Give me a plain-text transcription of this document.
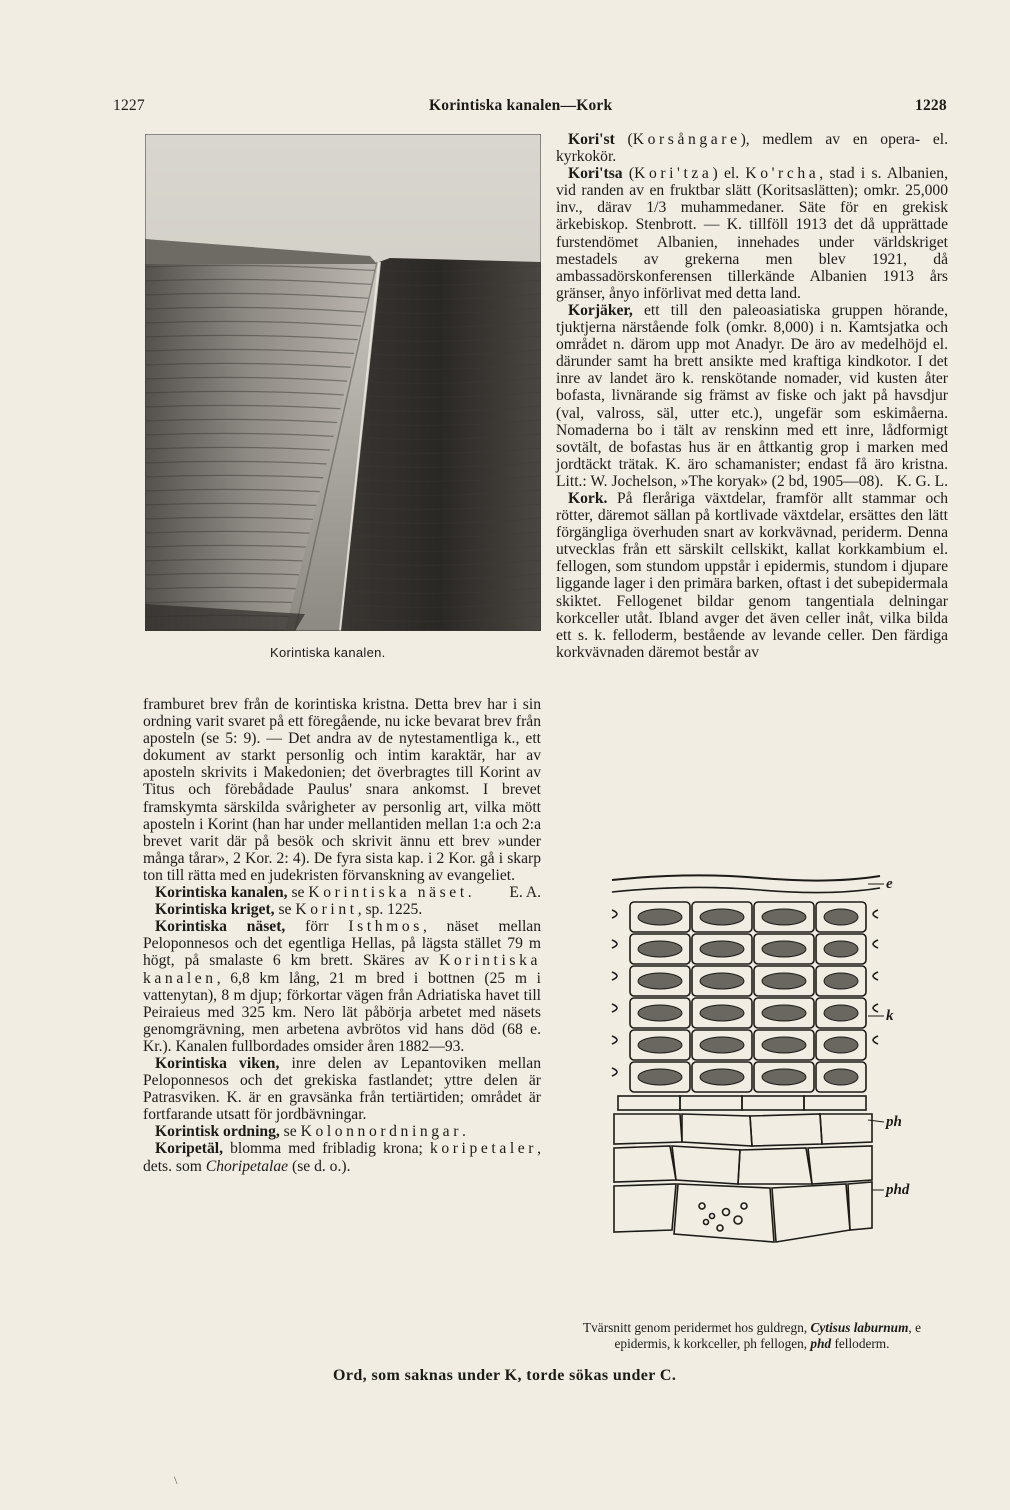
1227	Korintiska kanalen—Kork	1228
Korintiska kanalen.

framburet brev från de korintiska kristna. Detta brev har i sin ordning varit svaret på ett föregående, nu icke bevarat brev från aposteln (se 5: 9). — Det andra av de nytestamentliga k., ett dokument av starkt personlig och intim karaktär, har av aposteln skrivits i Makedonien; det överbragtes till Korint av Titus och förebådade Paulus' snara ankomst. I brevet framskymta särskilda svårigheter av personlig art, vilka mött aposteln i Korint (han har under mellantiden mellan 1:a och 2:a brevet varit där på besök och skrivit ännu ett brev »under många tårar», 2 Kor. 2: 4). De fyra sista kap. i 2 Kor. gå i skarp ton till rätta med en judekristen förvanskning av evangeliet.
E. A.

Korintiska kanalen, se Korintiska näset.

Korintiska kriget, se Korint, sp. 1225.

Korintiska näset, förr Isthmos, näset mellan Peloponnesos och det egentliga Hellas, på lägsta stället 79 m högt, på smalaste 6 km brett. Skäres av Korintiska kanalen, 6,8 km lång, 21 m bred i bottnen (25 m i vattenytan), 8 m djup; förkortar vägen från Adriatiska havet till Peiraieus med 325 km. Nero lät påbörja arbetet med näsets genomgrävning, men arbetena avbrötos vid hans död (68 e. Kr.). Kanalen fullbordades omsider åren 1882—93.

Korintiska viken, inre delen av Lepantoviken mellan Peloponnesos och det grekiska fastlandet; yttre delen är Patrasviken. K. är en gravsänka från tertiärtiden; området är fortfarande utsatt för jordbävningar.

Korintisk ordning, se Kolonnordningar.

Koripetäl, blomma med fribladig krona; koripetaler, dets. som Choripetalae (se d. o.).

Kori'st (Korsångare), medlem av en opera- el. kyrkokör.

Kori'tsa (Kori'tza) el. Ko'rcha, stad i s. Albanien, vid randen av en fruktbar slätt (Koritsaslätten); omkr. 25,000 inv., därav 1/3 muhammedaner. Säte för en grekisk ärkebiskop. Stenbrott. — K. tillföll 1913 det då upprättade furstendömet Albanien, innehades under världskriget mestadels av grekerna men blev 1921, då ambassadörskonferensen tillerkände Albanien 1913 års gränser, ånyo införlivat med detta land.

Korjäker, ett till den paleoasiatiska gruppen hörande, tjuktjerna närstående folk (omkr. 8,000) i n. Kamtsjatka och området n. därom upp mot Anadyr. De äro av medelhöjd el. därunder samt ha brett ansikte med kraftiga kindkotor. I det inre av landet äro k. renskötande nomader, vid kusten åter bofasta, livnärande sig främst av fiske och jakt på havsdjur (val, valross, säl, utter etc.), ungefär som eskimåerna. Nomaderna bo i tält av renskinn med ett inre, lådformigt sovtält, de bofastas hus är en åttkantig grop i marken med jordtäckt trätak. K. äro schamanister; endast få äro kristna. Litt.: W. Jochelson, »The koryak» (2 bd, 1905—08). K. G. L.

Kork. På fleråriga växtdelar, framför allt stammar och rötter, däremot sällan på kortlivade växtdelar, ersättes den lätt förgängliga överhuden snart av korkvävnad, periderm. Denna utvecklas från ett särskilt cellskikt, kallat korkkambium el. fellogen, som stundom uppstår i epidermis, stundom i djupare liggande lager i den primära barken, oftast i det subepidermala skiktet. Fellogenet bildar genom tangentiala delningar korkceller utåt. Ibland avger det även celler inåt, vilka bilda ett s. k. felloderm, bestående av levande celler. Den färdiga korkvävnaden däremot består av

e
k
ph
phd
Tvärsnitt genom peridermet hos guldregn, Cytisus laburnum, e epidermis, k korkceller, ph fellogen, phd felloderm.
Ord, som saknas under K, torde sökas under C.
\
